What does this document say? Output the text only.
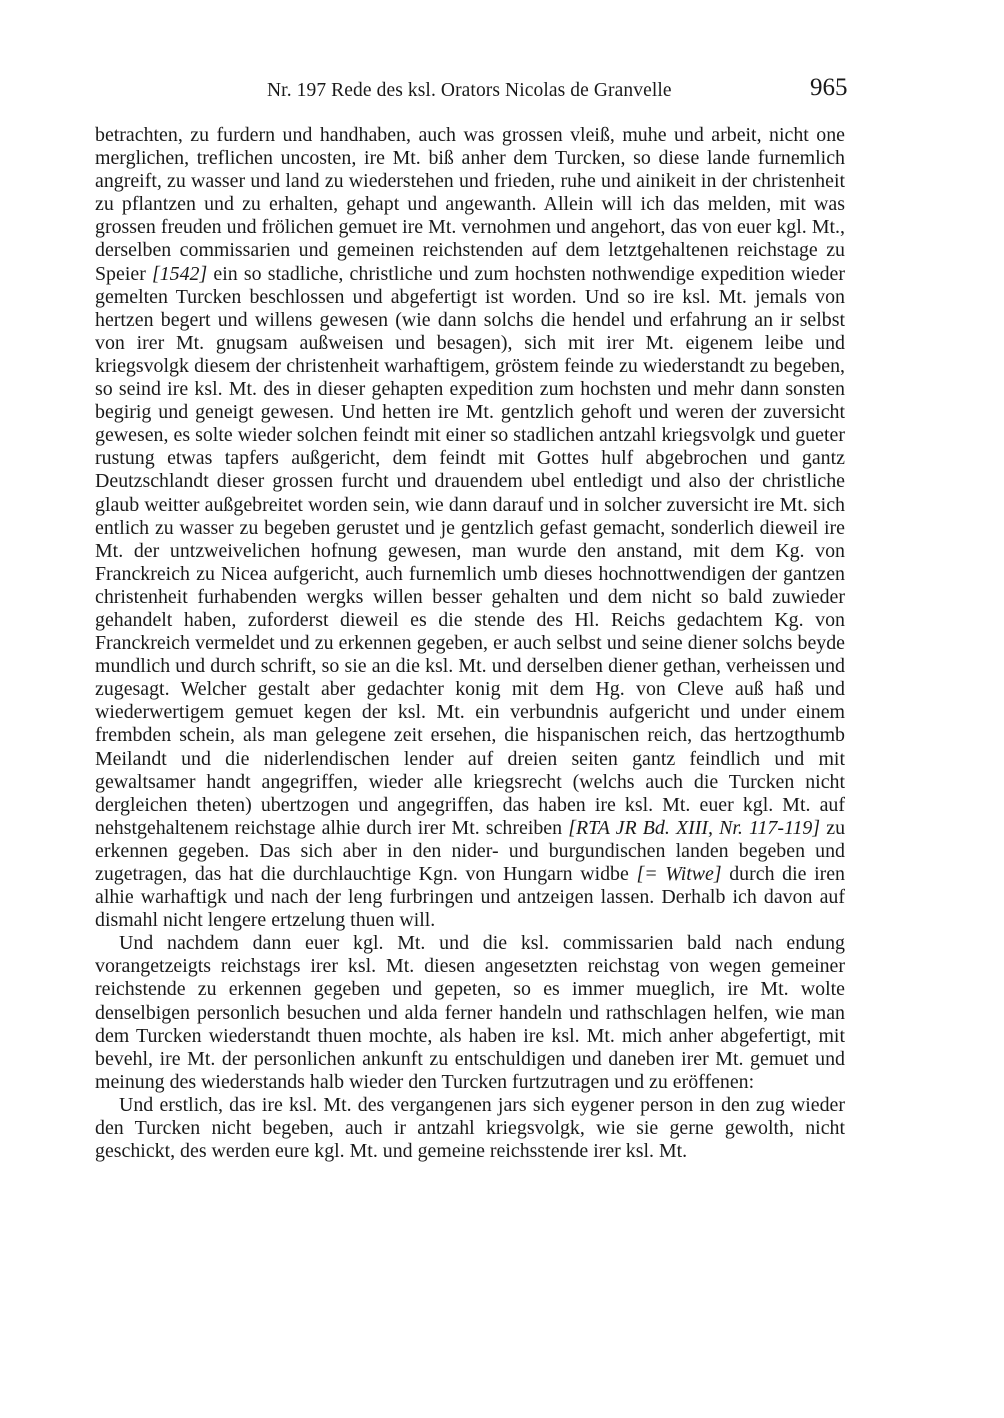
Nr. 197 Rede des ksl. Orators Nicolas de Granvelle	965

betrachten, zu furdern und handhaben, auch was grossen vleiß, muhe und arbeit, nicht one merglichen, treflichen uncosten, ire Mt. biß anher dem Turcken, so diese lande furnemlich angreift, zu wasser und land zu wiederstehen und frieden, ruhe und ainikeit in der christenheit zu pflantzen und zu erhalten, gehapt und angewanth. Allein will ich das melden, mit was grossen freuden und frölichen gemuet ire Mt. vernohmen und angehort, das von euer kgl. Mt., derselben commissarien und gemeinen reichstenden auf dem letztgehaltenen reichstage zu Speier [1542] ein so stadliche, christliche und zum hochsten nothwendige expedition wieder gemelten Turcken beschlossen und abgefertigt ist worden. Und so ire ksl. Mt. jemals von hertzen begert und willens gewesen (wie dann solchs die hendel und erfahrung an ir selbst von irer Mt. gnugsam außweisen und besagen), sich mit irer Mt. eigenem leibe und kriegsvolgk diesem der christenheit warhaftigem, gröstem feinde zu wiederstandt zu begeben, so seind ire ksl. Mt. des in dieser gehapten expedition zum hochsten und mehr dann sonsten begirig und geneigt gewesen. Und hetten ire Mt. gentzlich gehoft und weren der zuversicht gewesen, es solte wieder solchen feindt mit einer so stadlichen antzahl kriegsvolgk und gueter rustung etwas tapfers außgericht, dem feindt mit Gottes hulf abgebrochen und gantz Deutzschlandt dieser grossen furcht und drauendem ubel entledigt und also der christliche glaub weitter außgebreitet worden sein, wie dann darauf und in solcher zuversicht ire Mt. sich entlich zu wasser zu begeben gerustet und je gentzlich gefast gemacht, sonderlich dieweil ire Mt. der untzweivelichen hofnung gewesen, man wurde den anstand, mit dem Kg. von Franckreich zu Nicea aufgericht, auch furnemlich umb dieses hochnottwendigen der gantzen christenheit furhabenden wergks willen besser gehalten und dem nicht so bald zuwieder gehandelt haben, zuforderst dieweil es die stende des Hl. Reichs gedachtem Kg. von Franckreich vermeldet und zu erkennen gegeben, er auch selbst und seine diener solchs beyde mundlich und durch schrift, so sie an die ksl. Mt. und derselben diener gethan, verheissen und zugesagt. Welcher gestalt aber gedachter konig mit dem Hg. von Cleve auß haß und wiederwertigem gemuet kegen der ksl. Mt. ein verbundnis aufgericht und under einem frembden schein, als man gelegene zeit ersehen, die hispanischen reich, das hertzogthumb Meilandt und die niderlendischen lender auf dreien seiten gantz feindlich und mit gewaltsamer handt angegriffen, wieder alle kriegsrecht (welchs auch die Turcken nicht dergleichen theten) ubertzogen und angegriffen, das haben ire ksl. Mt. euer kgl. Mt. auf nehstgehaltenem reichstage alhie durch irer Mt. schreiben [RTA JR Bd. XIII, Nr. 117-119] zu erkennen gegeben. Das sich aber in den nider- und burgundischen landen begeben und zugetragen, das hat die durchlauchtige Kgn. von Hungarn widbe [= Witwe] durch die iren alhie warhaftigk und nach der leng furbringen und antzeigen lassen. Derhalb ich davon auf dismahl nicht lengere ertzelung thuen will.

Und nachdem dann euer kgl. Mt. und die ksl. commissarien bald nach endung vorangetzeigts reichstags irer ksl. Mt. diesen angesetzten reichstag von wegen gemeiner reichstende zu erkennen gegeben und gepeten, so es immer mueglich, ire Mt. wolte denselbigen personlich besuchen und alda ferner handeln und rathschlagen helfen, wie man dem Turcken wiederstandt thuen mochte, als haben ire ksl. Mt. mich anher abgefertigt, mit bevehl, ire Mt. der personlichen ankunft zu entschuldigen und daneben irer Mt. gemuet und meinung des wiederstands halb wieder den Turcken furtzutragen und zu eröffenen:

Und erstlich, das ire ksl. Mt. des vergangenen jars sich eygener person in den zug wieder den Turcken nicht begeben, auch ir antzahl kriegsvolgk, wie sie gerne gewolth, nicht geschickt, des werden eure kgl. Mt. und gemeine reichsstende irer ksl. Mt.
